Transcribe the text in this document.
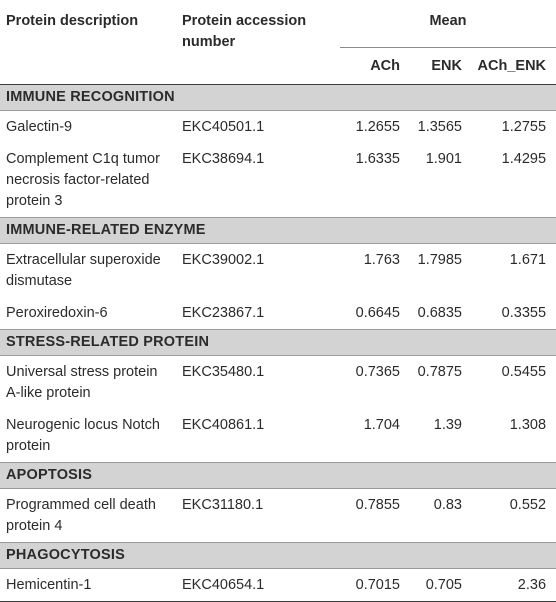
Protein description	Protein accession number	Mean		
		ACh	ENK	ACh_ENK
IMMUNE RECOGNITION				
Galectin-9	EKC40501.1	1.2655	1.3565	1.2755
Complement C1q tumor necrosis factor-related protein 3	EKC38694.1	1.6335	1.901	1.4295
IMMUNE-RELATED ENZYME				
Extracellular superoxide dismutase	EKC39002.1	1.763	1.7985	1.671
Peroxiredoxin-6	EKC23867.1	0.6645	0.6835	0.3355
STRESS-RELATED PROTEIN				
Universal stress protein A-like protein	EKC35480.1	0.7365	0.7875	0.5455
Neurogenic locus Notch protein	EKC40861.1	1.704	1.39	1.308
APOPTOSIS				
Programmed cell death protein 4	EKC31180.1	0.7855	0.83	0.552
PHAGOCYTOSIS				
Hemicentin-1	EKC40654.1	0.7015	0.705	2.36
